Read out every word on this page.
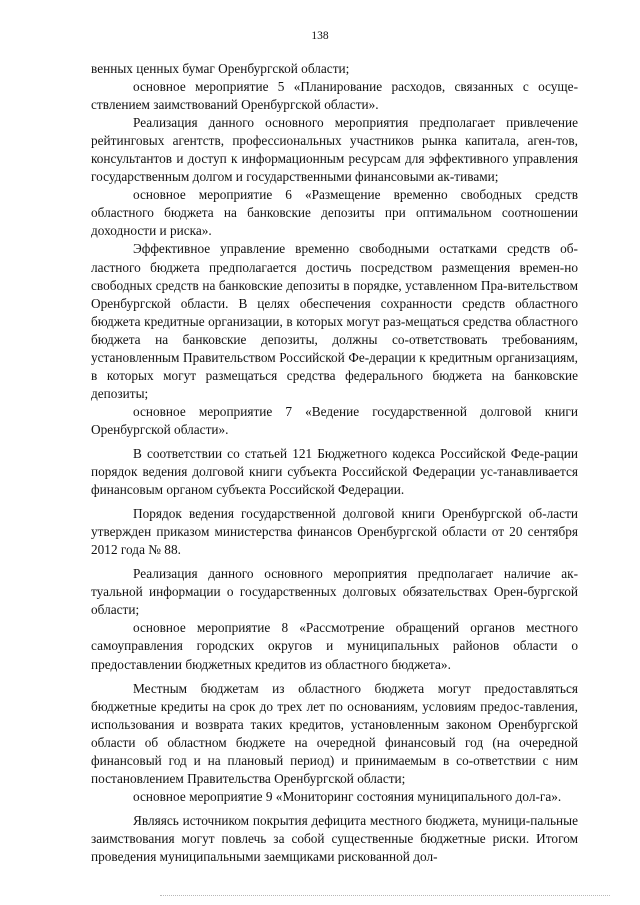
138

венных ценных бумаг Оренбургской области;

основное мероприятие 5 «Планирование расходов, связанных с осуще-ствлением заимствований Оренбургской области».

Реализация данного основного мероприятия предполагает привлечение рейтинговых агентств, профессиональных участников рынка капитала, аген-тов, консультантов и доступ к информационным ресурсам для эффективного управления государственным долгом и государственными финансовыми ак-тивами;

основное мероприятие 6 «Размещение временно свободных средств областного бюджета на банковские депозиты при оптимальном соотношении доходности и риска».

Эффективное управление временно свободными остатками средств об-ластного бюджета предполагается достичь посредством размещения времен-но свободных средств на банковские депозиты в порядке, уставленном Пра-вительством Оренбургской области. В целях обеспечения сохранности средств областного бюджета кредитные организации, в которых могут раз-мещаться средства областного бюджета на банковские депозиты, должны со-ответствовать требованиям, установленным Правительством Российской Фе-дерации к кредитным организациям, в которых могут размещаться средства федерального бюджета на банковские депозиты;

основное мероприятие 7 «Ведение государственной долговой книги Оренбургской области».

В соответствии со статьей 121 Бюджетного кодекса Российской Феде-рации порядок ведения долговой книги субъекта Российской Федерации ус-танавливается финансовым органом субъекта Российской Федерации.

Порядок ведения государственной долговой книги Оренбургской об-ласти утвержден приказом министерства финансов Оренбургской области от 20 сентября 2012 года № 88.

Реализация данного основного мероприятия предполагает наличие ак-туальной информации о государственных долговых обязательствах Орен-бургской области;

основное мероприятие 8 «Рассмотрение обращений органов местного самоуправления городских округов и муниципальных районов области о предоставлении бюджетных кредитов из областного бюджета».

Местным бюджетам из областного бюджета могут предоставляться бюджетные кредиты на срок до трех лет по основаниям, условиям предос-тавления, использования и возврата таких кредитов, установленным законом Оренбургской области об областном бюджете на очередной финансовый год (на очередной финансовый год и на плановый период) и принимаемым в со-ответствии с ним постановлением Правительства Оренбургской области;

основное мероприятие 9 «Мониторинг состояния муниципального дол-га».

Являясь источником покрытия дефицита местного бюджета, муници-пальные заимствования могут повлечь за собой существенные бюджетные риски. Итогом проведения муниципальными заемщиками рискованной дол-
